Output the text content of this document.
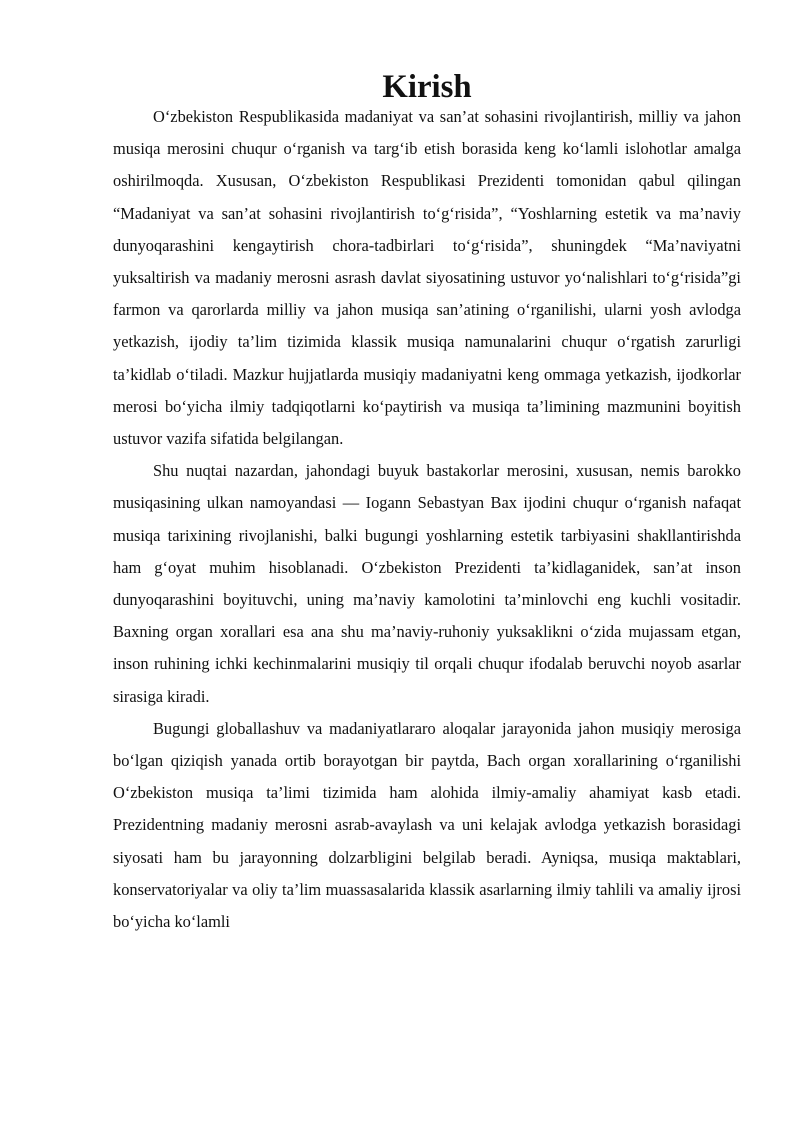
Kirish

O‘zbekiston Respublikasida madaniyat va san’at sohasini rivojlantirish, milliy va jahon musiqa merosini chuqur o‘rganish va targ‘ib etish borasida keng ko‘lamli islohotlar amalga oshirilmoqda. Xususan, O‘zbekiston Respublikasi Prezidenti tomonidan qabul qilingan “Madaniyat va san’at sohasini rivojlantirish to‘g‘risida”, “Yoshlarning estetik va ma’naviy dunyoqarashini kengaytirish chora-tadbirlari to‘g‘risida”, shuningdek “Ma’naviyatni yuksaltirish va madaniy merosni asrash davlat siyosatining ustuvor yo‘nalishlari to‘g‘risida”gi farmon va qarorlarda milliy va jahon musiqa san’atining o‘rganilishi, ularni yosh avlodga yetkazish, ijodiy ta’lim tizimida klassik musiqa namunalarini chuqur o‘rgatish zarurligi ta’kidlab o‘tiladi. Mazkur hujjatlarda musiqiy madaniyatni keng ommaga yetkazish, ijodkorlar merosi bo‘yicha ilmiy tadqiqotlarni ko‘paytirish va musiqa ta’limining mazmunini boyitish ustuvor vazifa sifatida belgilangan.

Shu nuqtai nazardan, jahondagi buyuk bastakorlar merosini, xususan, nemis barokko musiqasining ulkan namoyandasi — Iogann Sebastyan Bax ijodini chuqur o‘rganish nafaqat musiqa tarixining rivojlanishi, balki bugungi yoshlarning estetik tarbiyasini shakllantirishda ham g‘oyat muhim hisoblanadi. O‘zbekiston Prezidenti ta’kidlaganidek, san’at inson dunyoqarashini boyituvchi, uning ma’naviy kamolotini ta’minlovchi eng kuchli vositadir. Baxning organ xorallari esa ana shu ma’naviy-ruhoniy yuksaklikni o‘zida mujassam etgan, inson ruhining ichki kechinmalarini musiqiy til orqali chuqur ifodalab beruvchi noyob asarlar sirasiga kiradi.

Bugungi globallashuv va madaniyatlararo aloqalar jarayonida jahon musiqiy merosiga bo‘lgan qiziqish yanada ortib borayotgan bir paytda, Bach organ xorallarining o‘rganilishi O‘zbekiston musiqa ta’limi tizimida ham alohida ilmiy-amaliy ahamiyat kasb etadi. Prezidentning madaniy merosni asrab-avaylash va uni kelajak avlodga yetkazish borasidagi siyosati ham bu jarayonning dolzarbligini belgilab beradi. Ayniqsa, musiqa maktablari, konservatoriyalar va oliy ta’lim muassasalarida klassik asarlarning ilmiy tahlili va amaliy ijrosi bo‘yicha ko‘lamli
